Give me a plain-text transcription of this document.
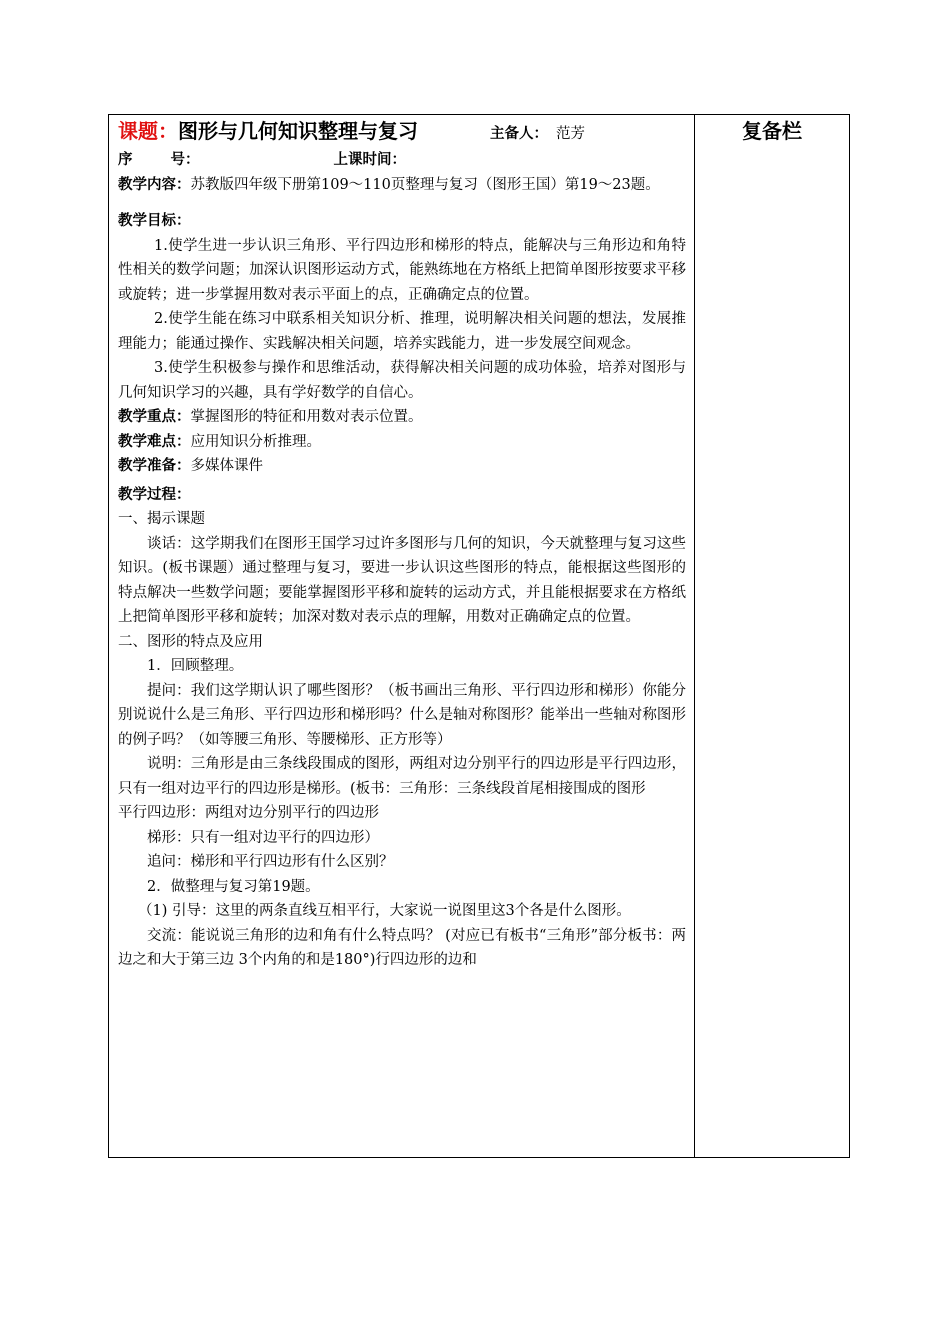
课题：图形与几何知识整理与复习	主备人： 范芳

序	号：	上课时间：

教学内容：苏教版四年级下册第109～110页整理与复习（图形王国）第19～23题。

教学目标：

1.使学生进一步认识三角形、平行四边形和梯形的特点，能解决与三角形边和角特性相关的数学问题；加深认识图形运动方式，能熟练地在方格纸上把简单图形按要求平移或旋转；进一步掌握用数对表示平面上的点，正确确定点的位置。

2.使学生能在练习中联系相关知识分析、推理，说明解决相关问题的想法，发展推理能力；能通过操作、实践解决相关问题，培养实践能力，进一步发展空间观念。

3.使学生积极参与操作和思维活动，获得解决相关问题的成功体验，培养对图形与几何知识学习的兴趣，具有学好数学的自信心。

教学重点：掌握图形的特征和用数对表示位置。

教学难点：应用知识分析推理。

教学准备：多媒体课件

教学过程：

一、揭示课题

谈话：这学期我们在图形王国学习过许多图形与几何的知识，今天就整理与复习这些知识。(板书课题）通过整理与复习，要进一步认识这些图形的特点，能根据这些图形的特点解决一些数学问题；要能掌握图形平移和旋转的运动方式，并且能根据要求在方格纸上把简单图形平移和旋转；加深对数对表示点的理解，用数对正确确定点的位置。

二、图形的特点及应用

1．回顾整理。

提问：我们这学期认识了哪些图形？（板书画出三角形、平行四边形和梯形）你能分别说说什么是三角形、平行四边形和梯形吗？什么是轴对称图形？能举出一些轴对称图形的例子吗？（如等腰三角形、等腰梯形、正方形等）

说明：三角形是由三条线段围成的图形，两组对边分别平行的四边形是平行四边形，只有一组对边平行的四边形是梯形。(板书：三角形：三条线段首尾相接围成的图形

平行四边形：两组对边分别平行的四边形

梯形：只有一组对边平行的四边形）

追问：梯形和平行四边形有什么区别？

2．做整理与复习第19题。

（1) 引导：这里的两条直线互相平行，大家说一说图里这3个各是什么图形。

交流：能说说三角形的边和角有什么特点吗？ (对应已有板书“三角形”部分板书：两边之和大于第三边 3个内角的和是180°)行四边形的边和

复备栏
